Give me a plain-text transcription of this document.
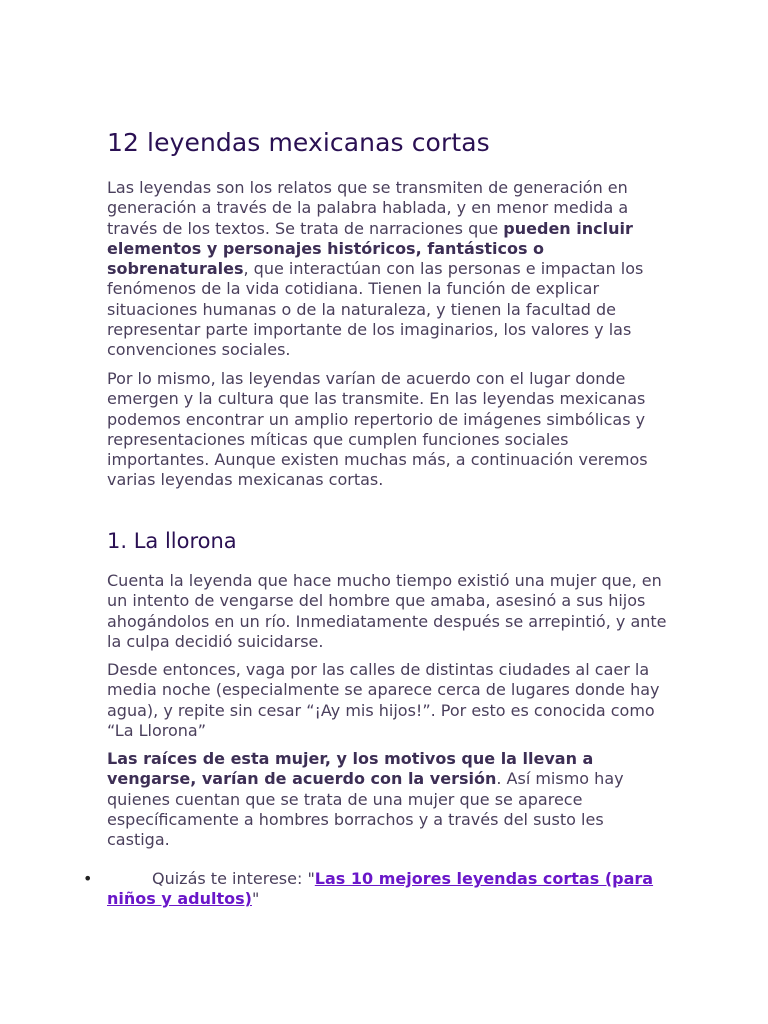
12 leyendas mexicanas cortas

Las leyendas son los relatos que se transmiten de generación en generación a través de la palabra hablada, y en menor medida a través de los textos. Se trata de narraciones que pueden incluir elementos y personajes históricos, fantásticos o sobrenaturales, que interactúan con las personas e impactan los fenómenos de la vida cotidiana. Tienen la función de explicar situaciones humanas o de la naturaleza, y tienen la facultad de representar parte importante de los imaginarios, los valores y las convenciones sociales.

Por lo mismo, las leyendas varían de acuerdo con el lugar donde emergen y la cultura que las transmite. En las leyendas mexicanas podemos encontrar un amplio repertorio de imágenes simbólicas y representaciones míticas que cumplen funciones sociales importantes. Aunque existen muchas más, a continuación veremos varias leyendas mexicanas cortas.

1. La llorona

Cuenta la leyenda que hace mucho tiempo existió una mujer que, en un intento de vengarse del hombre que amaba, asesinó a sus hijos ahogándolos en un río. Inmediatamente después se arrepintió, y ante la culpa decidió suicidarse.

Desde entonces, vaga por las calles de distintas ciudades al caer la media noche (especialmente se aparece cerca de lugares donde hay agua), y repite sin cesar “¡Ay mis hijos!”. Por esto es conocida como “La Llorona”

Las raíces de esta mujer, y los motivos que la llevan a vengarse, varían de acuerdo con la versión. Así mismo hay quienes cuentan que se trata de una mujer que se aparece específicamente a hombres borrachos y a través del susto les castiga.

•	Quizás te interese: "Las 10 mejores leyendas cortas (para niños y adultos)"
